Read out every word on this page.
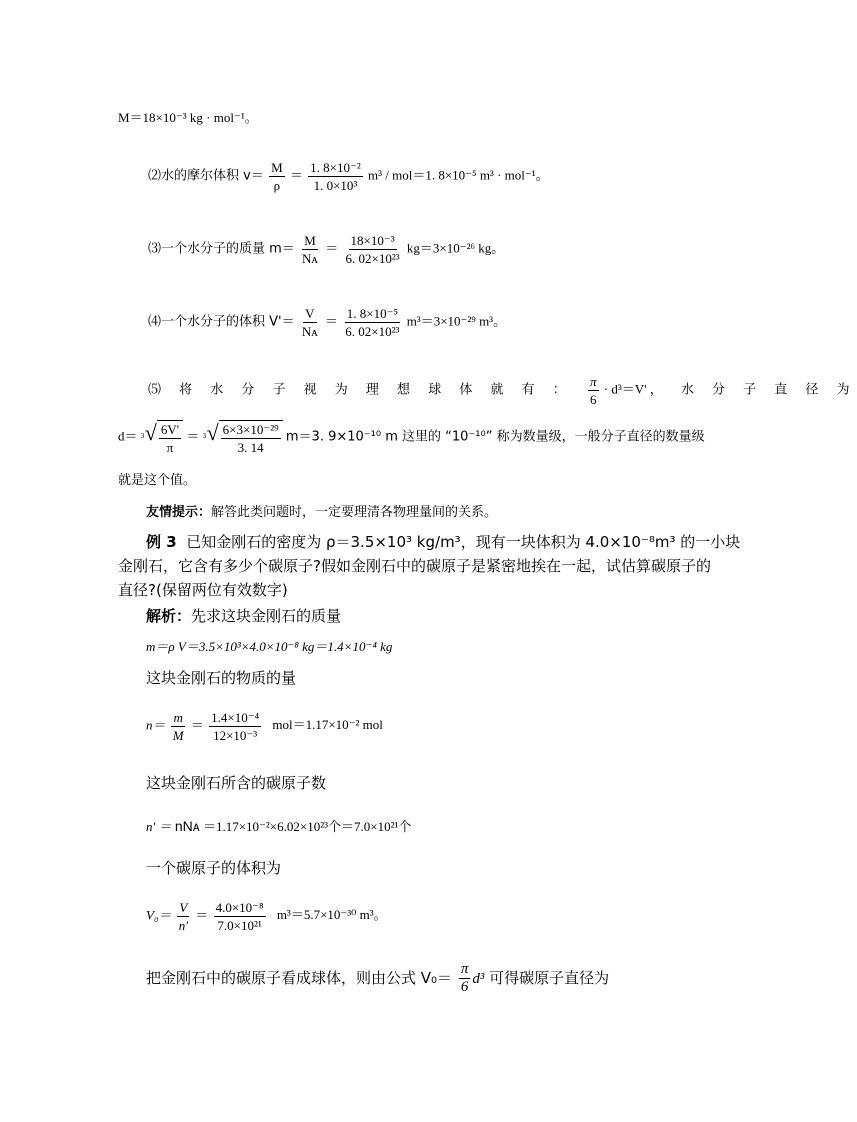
M＝18×10⁻³ kg · mol⁻¹。
⑵水的摩尔体积 $v= \frac{M}{\rho} = \frac{\text{1. 8×10⁻²}}{\text{1. 0×10³}} m^3 / mol=1$. 8×10⁻⁵ m³ · mol⁻¹。
⑶一个水分子的质量 $m= \frac{M}{\text{Nᴀ}} = \frac{\text{18×10⁻³}}{\text{6. 02×10²³}} kg=3\times 10^{-26}$ kg。
⑷一个水分子的体积 $V'= \frac{V}{\text{Nᴀ}} = \frac{\text{1. 8×10⁻⁵}}{\text{6. 02×10²³}} m^3=3\times 10^{-29}$ m³。
⑸ 将 水 分 子 视 为 理 想 球 体 就 有 ： $\frac{\pi}{6} \cdot d^3=V'$ ， 水 分 子 直 径 为
d＝ 3 √ $\frac{6V'}{\pi} = 3$ √ $\frac{\text{6×3×10⁻²⁹}}{3. 14} m=3$. 9×10⁻¹⁰ m 这里的 “10⁻¹⁰” 称为数量级，一般分子直径的数量级
就是这个值。
友情提示：解答此类问题时，一定要理清各物理量间的关系。
例 3 已知金刚石的密度为 ρ＝3.5×10³ kg/m³，现有一块体积为 4.0×10⁻⁸m³ 的一小块
金刚石，它含有多少个碳原子?假如金刚石中的碳原子是紧密地挨在一起，试估算碳原子的
直径?(保留两位有效数字)
解析：先求这块金刚石的质量
m＝ρ V＝3.5×10³×4.0×10⁻⁸ kg＝1.4×10⁻⁴ kg
这块金刚石的物质的量
$n= \frac{m}{M} = \frac{\text{1.4×10⁻⁴}}{\text{12×10⁻³}} mol=1.17\times 10^{-2}$ mol
这块金刚石所含的碳原子数
n′ ＝ nNᴀ ＝1.17×10⁻²×6.02×10²³个＝7.0×10²¹个
一个碳原子的体积为
$V_0= \frac{V}{n'} = \frac{\text{4.0×10⁻⁸}}{\text{7.0×10²¹}} m^3=5.7\times 10^{-30}$ m³。
把金刚石中的碳原子看成球体，则由公式 $V_0= \frac{\pi}{6} d^3$ 可得碳原子直径为
